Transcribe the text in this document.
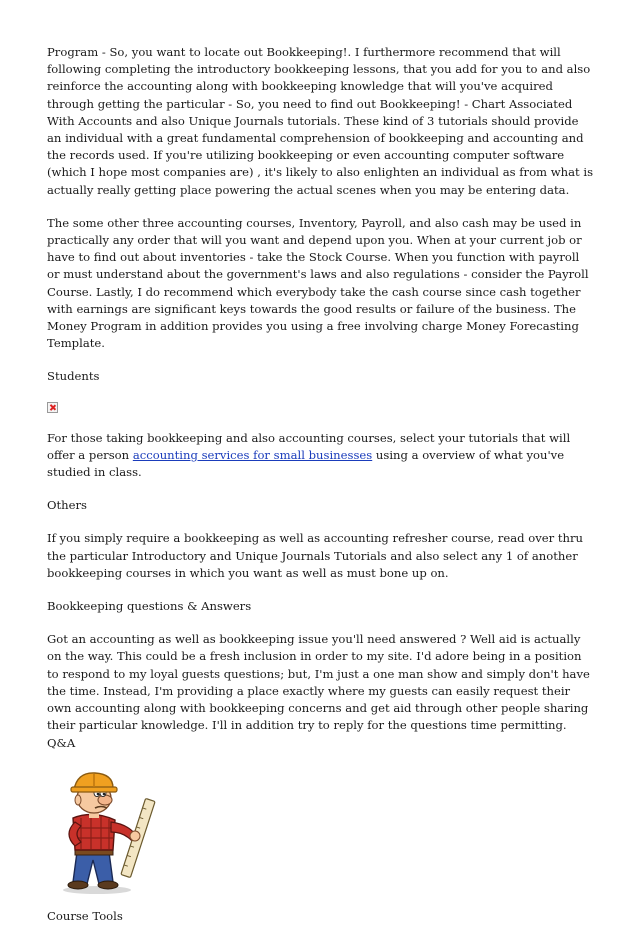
Program - So, you want to locate out Bookkeeping!. I furthermore recommend that will following completing the introductory bookkeeping lessons, that you add for you to and also reinforce the accounting along with bookkeeping knowledge that will you've acquired through getting the particular - So, you need to find out Bookkeeping! - Chart Associated With Accounts and also Unique Journals tutorials. These kind of 3 tutorials should provide an individual with a great fundamental comprehension of bookkeeping and accounting and the records used. If you're utilizing bookkeeping or even accounting computer software (which I hope most companies are) , it's likely to also enlighten an individual as from what is actually really getting place powering the actual scenes when you may be entering data.

The some other three accounting courses, Inventory, Payroll, and also cash may be used in practically any order that will you want and depend upon you. When at your current job or have to find out about inventories - take the Stock Course. When you function with payroll or must understand about the government's laws and also regulations - consider the Payroll Course. Lastly, I do recommend which everybody take the cash course since cash together with earnings are significant keys towards the good results or failure of the business. The Money Program in addition provides you using a free involving charge Money Forecasting Template.

Students

For those taking bookkeeping and also accounting courses, select your tutorials that will offer a person accounting services for small businesses using a overview of what you've studied in class.

Others

If you simply require a bookkeeping as well as accounting refresher course, read over thru the particular Introductory and Unique Journals Tutorials and also select any 1 of another bookkeeping courses in which you want as well as must bone up on.

Bookkeeping questions & Answers

Got an accounting as well as bookkeeping issue you'll need answered ? Well aid is actually on the way. This could be a fresh inclusion in order to my site. I'd adore being in a position to respond to my loyal guests questions; but, I'm just a one man show and simply don't have the time. Instead, I'm providing a place exactly where my guests can easily request their own accounting along with bookkeeping concerns and get aid through other people sharing their particular knowledge. I'll in addition try to reply for the questions time permitting. Q&A

Course Tools
